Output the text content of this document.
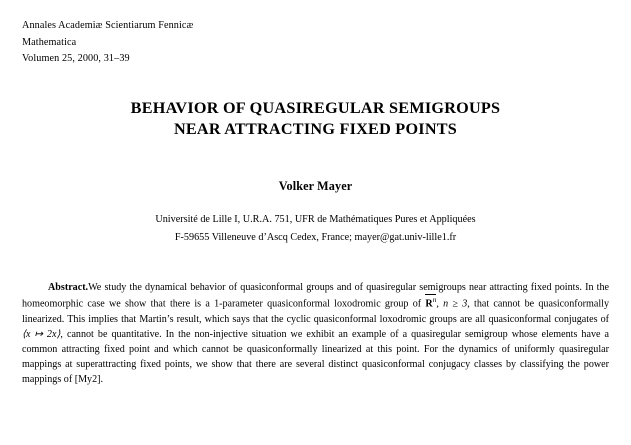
Annales Academiæ Scientiarum Fennicæ
Mathematica
Volumen 25, 2000, 31–39
BEHAVIOR OF QUASIREGULAR SEMIGROUPS
NEAR ATTRACTING FIXED POINTS
Volker Mayer
Université de Lille I, U.R.A. 751, UFR de Mathématiques Pures et Appliquées
F-59655 Villeneuve d’Ascq Cedex, France; mayer@gat.univ-lille1.fr
Abstract.We study the dynamical behavior of quasiconformal groups and of quasiregular semigroups near attracting fixed points. In the homeomorphic case we show that there is a 1-parameter quasiconformal loxodromic group of $R^n$, n ≥ 3, that cannot be quasiconformally linearized. This implies that Martin’s result, which says that the cyclic quasiconformal loxodromic groups are all quasiconformal conjugates of ⟨x ↦ 2x⟩, cannot be quantitative. In the non-injective situation we exhibit an example of a quasiregular semigroup whose elements have a common attracting fixed point and which cannot be quasiconformally linearized at this point. For the dynamics of uniformly quasiregular mappings at superattracting fixed points, we show that there are several distinct quasiconformal conjugacy classes by classifying the power mappings of [My2].
